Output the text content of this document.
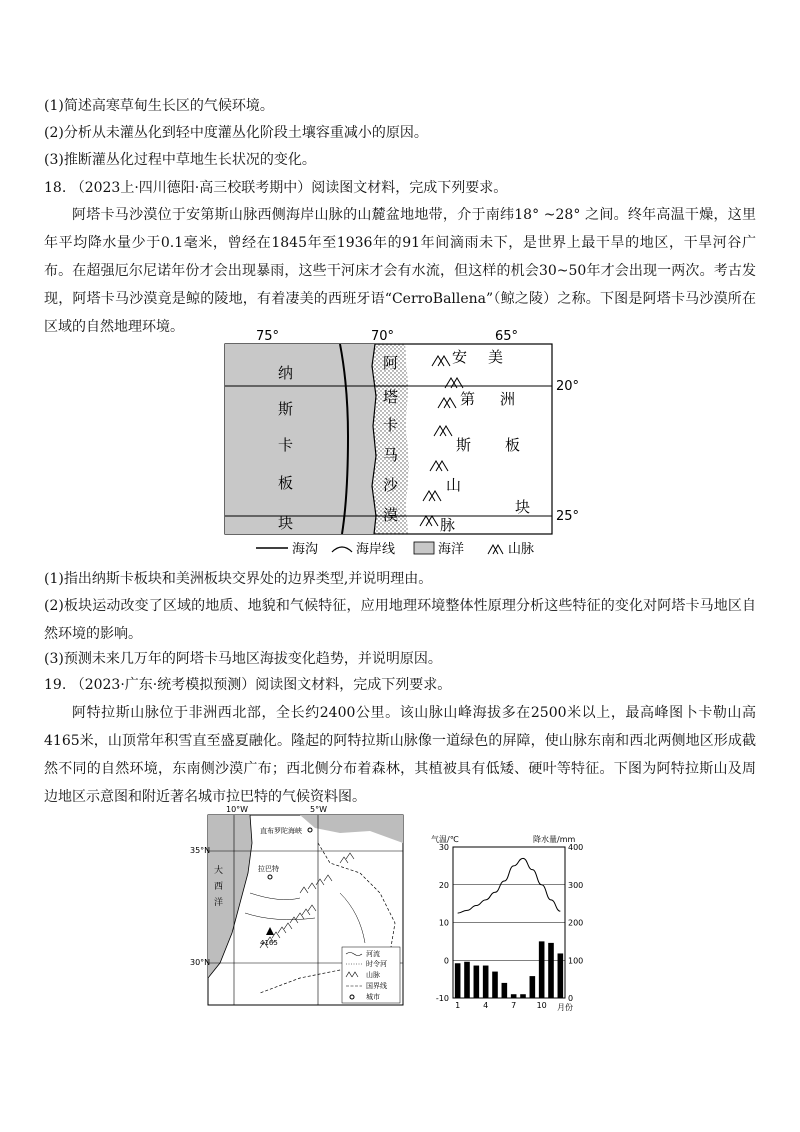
(1)简述高寒草甸生长区的气候环境。
(2)分析从未灌丛化到轻中度灌丛化阶段土壤容重减小的原因。
(3)推断灌丛化过程中草地生长状况的变化。
18. （2023上·四川德阳·高三校联考期中）阅读图文材料，完成下列要求。
阿塔卡马沙漠位于安第斯山脉西侧海岸山脉的山麓盆地地带，介于南纬18° ~28° 之间。终年高温干燥，这里年平均降水量少于0.1毫米，曾经在1845年至1936年的91年间滴雨未下，是世界上最干旱的地区，干旱河谷广布。在超强厄尔尼诺年份才会出现暴雨，这些干河床才会有水流，但这样的机会30~50年才会出现一两次。考古发现，阿塔卡马沙漠竟是鲸的陵地，有着凄美的西班牙语“CerroBallena”（鲸之陵）之称。下图是阿塔卡马沙漠所在区域的自然地理环境。
75°	70°	65°
20°
25°
纳
斯
卡
板
块
阿
塔
卡
马
沙
漠
安
第
斯
山
脉
美
洲
板
块
海沟	海岸线	海洋	山脉
(1)指出纳斯卡板块和美洲板块交界处的边界类型,并说明理由。
(2)板块运动改变了区域的地质、地貌和气候特征，应用地理环境整体性原理分析这些特征的变化对阿塔卡马地区自然环境的影响。
(3)预测未来几万年的阿塔卡马地区海拔变化趋势，并说明原因。
19. （2023·广东·统考模拟预测）阅读图文材料，完成下列要求。
阿特拉斯山脉位于非洲西北部，全长约2400公里。该山脉山峰海拔多在2500米以上，最高峰图卜卡勒山高4165米，山顶常年积雪直至盛夏融化。隆起的阿特拉斯山脉像一道绿色的屏障，使山脉东南和西北两侧地区形成截然不同的自然环境，东南侧沙漠广布；西北侧分布着森林，其植被具有低矮、硬叶等特征。下图为阿特拉斯山及周边地区示意图和附近著名城市拉巴特的气候资料图。
10°W	5°W
35°N
30°N
大
西
洋
直布罗陀海峡
拉巴特
4165
河流
时令河
山脉
国界线
城市
气温/℃	降水量/mm
30
20
10
0
-10
400
300
200
100
0
1	4	7	10 月份
